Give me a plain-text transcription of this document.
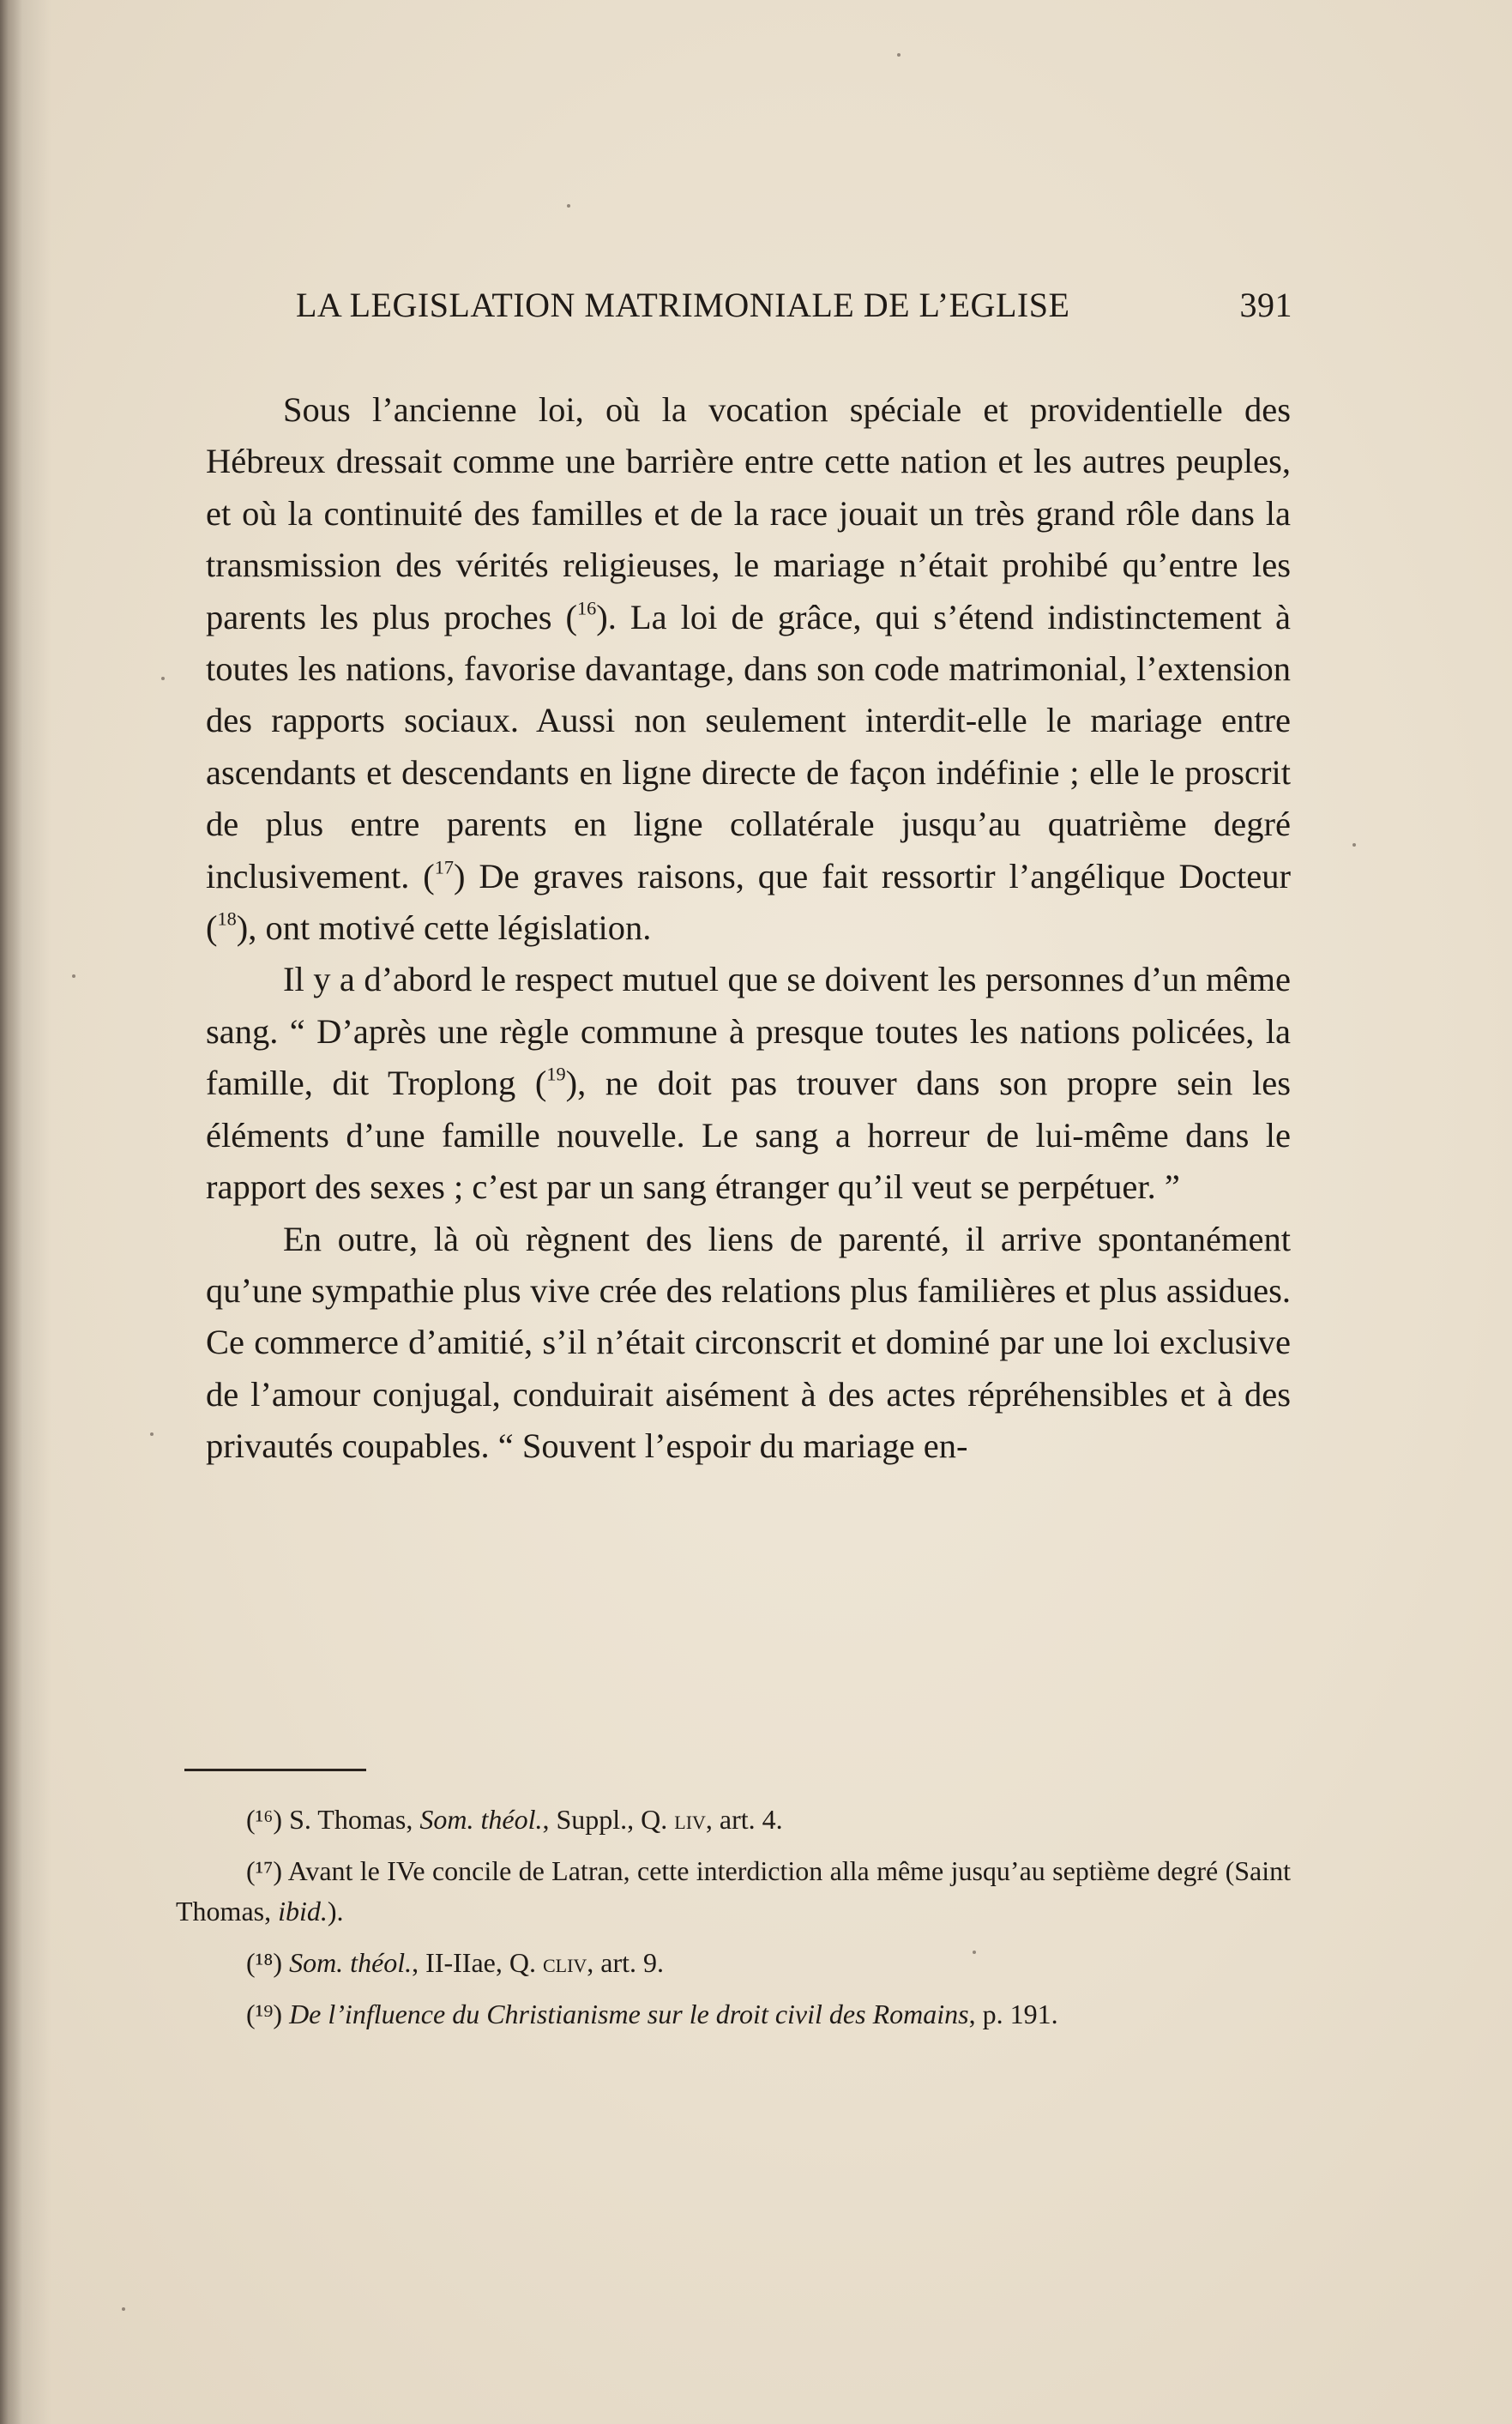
LA LEGISLATION MATRIMONIALE DE L’EGLISE	391

Sous l’ancienne loi, où la vocation spéciale et providentielle des Hébreux dressait comme une barrière entre cette nation et les autres peuples, et où la continuité des familles et de la race jouait un très grand rôle dans la transmission des vérités religieuses, le mariage n’était prohibé qu’entre les parents les plus proches ($^{16}$). La loi de grâce, qui s’étend indistinctement à toutes les nations, favorise davantage, dans son code matrimonial, l’extension des rapports sociaux. Aussi non seulement interdit-elle le mariage entre ascendants et descendants en ligne directe de façon indéfinie ; elle le proscrit de plus entre parents en ligne collatérale jusqu’au quatrième degré inclusivement. ($^{17}$) De graves raisons, que fait ressortir l’angélique Docteur ($^{18}$), ont motivé cette législation.

Il y a d’abord le respect mutuel que se doivent les personnes d’un même sang. “ D’après une règle commune à presque toutes les nations policées, la famille, dit Troplong ($^{19}$), ne doit pas trouver dans son propre sein les éléments d’une famille nouvelle. Le sang a horreur de lui-même dans le rapport des sexes ; c’est par un sang étranger qu’il veut se perpétuer. ”

En outre, là où règnent des liens de parenté, il arrive spontanément qu’une sympathie plus vive crée des relations plus familières et plus assidues. Ce commerce d’amitié, s’il n’était circonscrit et dominé par une loi exclusive de l’amour conjugal, conduirait aisément à des actes répréhensibles et à des privautés coupables. “ Souvent l’espoir du mariage en-

(¹⁶) S. Thomas, Som. théol., Suppl., Q. liv, art. 4.

(¹⁷) Avant le IVe concile de Latran, cette interdiction alla même jusqu’au septième degré (Saint Thomas, ibid.).

(¹⁸) Som. théol., II-IIae, Q. cliv, art. 9.

(¹⁹) De l’influence du Christianisme sur le droit civil des Romains, p. 191.
